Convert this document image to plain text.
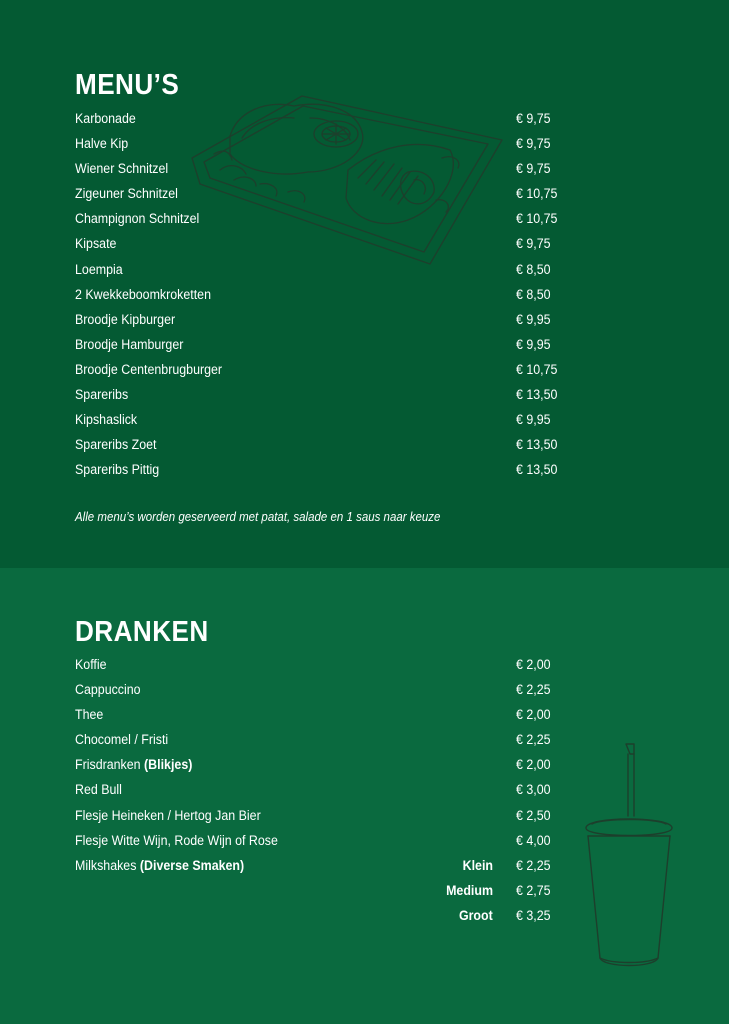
MENU’S
Karbonade	€ 9,75
Halve Kip	€ 9,75
Wiener Schnitzel	€ 9,75
Zigeuner Schnitzel	€ 10,75
Champignon Schnitzel	€ 10,75
Kipsate	€ 9,75
Loempia	€ 8,50
2 Kwekkeboomkroketten	€ 8,50
Broodje Kipburger	€ 9,95
Broodje Hamburger	€ 9,95
Broodje Centenbrugburger	€ 10,75
Spareribs	€ 13,50
Kipshaslick	€ 9,95
Spareribs Zoet	€ 13,50
Spareribs Pittig	€ 13,50
Alle menu’s worden geserveerd met patat, salade en 1 saus naar keuze
DRANKEN
Koffie	€ 2,00
Cappuccino	€ 2,25
Thee	€ 2,00
Chocomel / Fristi	€ 2,25
Frisdranken (Blikjes)	€ 2,00
Red Bull	€ 3,00
Flesje Heineken / Hertog Jan Bier	€ 2,50
Flesje Witte Wijn, Rode Wijn of Rose	€ 4,00
Milkshakes (Diverse Smaken)	Klein € 2,25
Medium € 2,75
Groot € 3,25
